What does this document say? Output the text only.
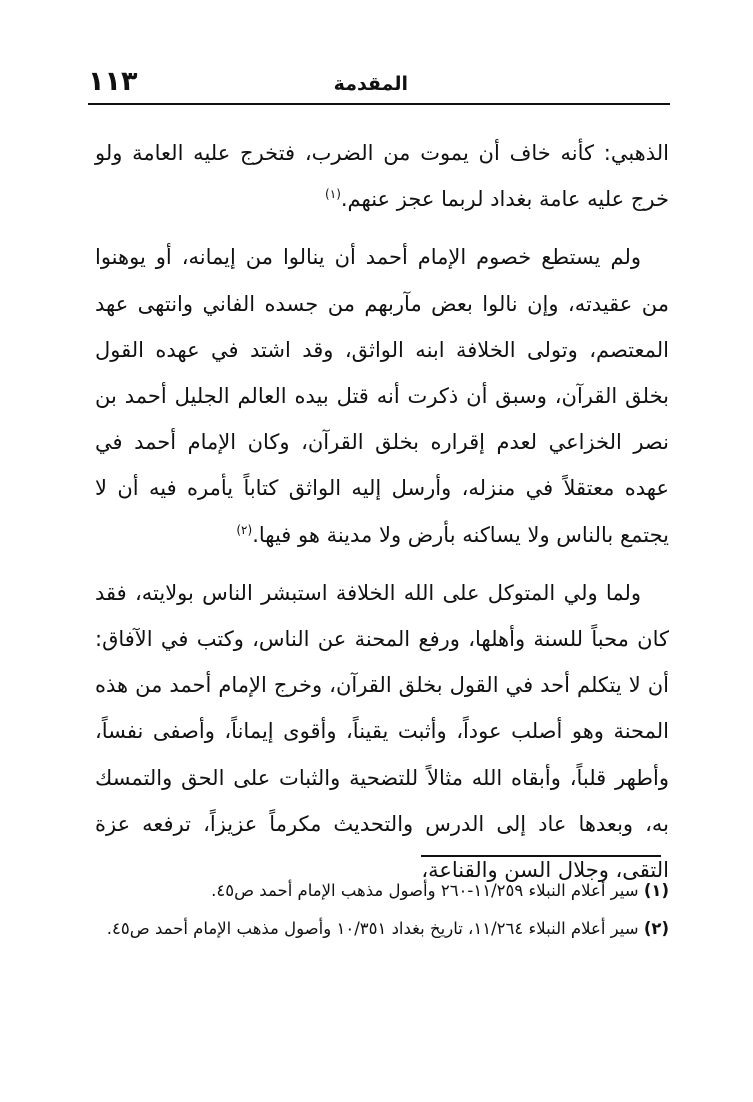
المقدمة
١١٣

الذهبي: كأنه خاف أن يموت من الضرب، فتخرج عليه العامة ولو خرج عليه عامة بغداد لربما عجز عنهم.$^{(١)}$

ولم يستطع خصوم الإمام أحمد أن ينالوا من إيمانه، أو يوهنوا من عقيدته، وإن نالوا بعض مآربهم من جسده الفاني وانتهى عهد المعتصم، وتولى الخلافة ابنه الواثق، وقد اشتد في عهده القول بخلق القرآن، وسبق أن ذكرت أنه قتل بيده العالم الجليل أحمد بن نصر الخزاعي لعدم إقراره بخلق القرآن، وكان الإمام أحمد في عهده معتقلاً في منزله، وأرسل إليه الواثق كتاباً يأمره فيه أن لا يجتمع بالناس ولا يساكنه بأرض ولا مدينة هو فيها.$^{(٢)}$

ولما ولي المتوكل على الله الخلافة استبشر الناس بولايته، فقد كان محباً للسنة وأهلها، ورفع المحنة عن الناس، وكتب في الآفاق: أن لا يتكلم أحد في القول بخلق القرآن، وخرج الإمام أحمد من هذه المحنة وهو أصلب عوداً، وأثبت يقيناً، وأقوى إيماناً، وأصفى نفساً، وأطهر قلباً، وأبقاه الله مثالاً للتضحية والثبات على الحق والتمسك به، وبعدها عاد إلى الدرس والتحديث مكرماً عزيزاً، ترفعه عزة التقى، وجلال السن والقناعة،

(١) سير أعلام النبلاء ١١/٢٥٩-٢٦٠ وأصول مذهب الإمام أحمد ص٤٥.

(٢) سير أعلام النبلاء ١١/٢٦٤، تاريخ بغداد ١٠/٣٥١ وأصول مذهب الإمام أحمد ص٤٥.
